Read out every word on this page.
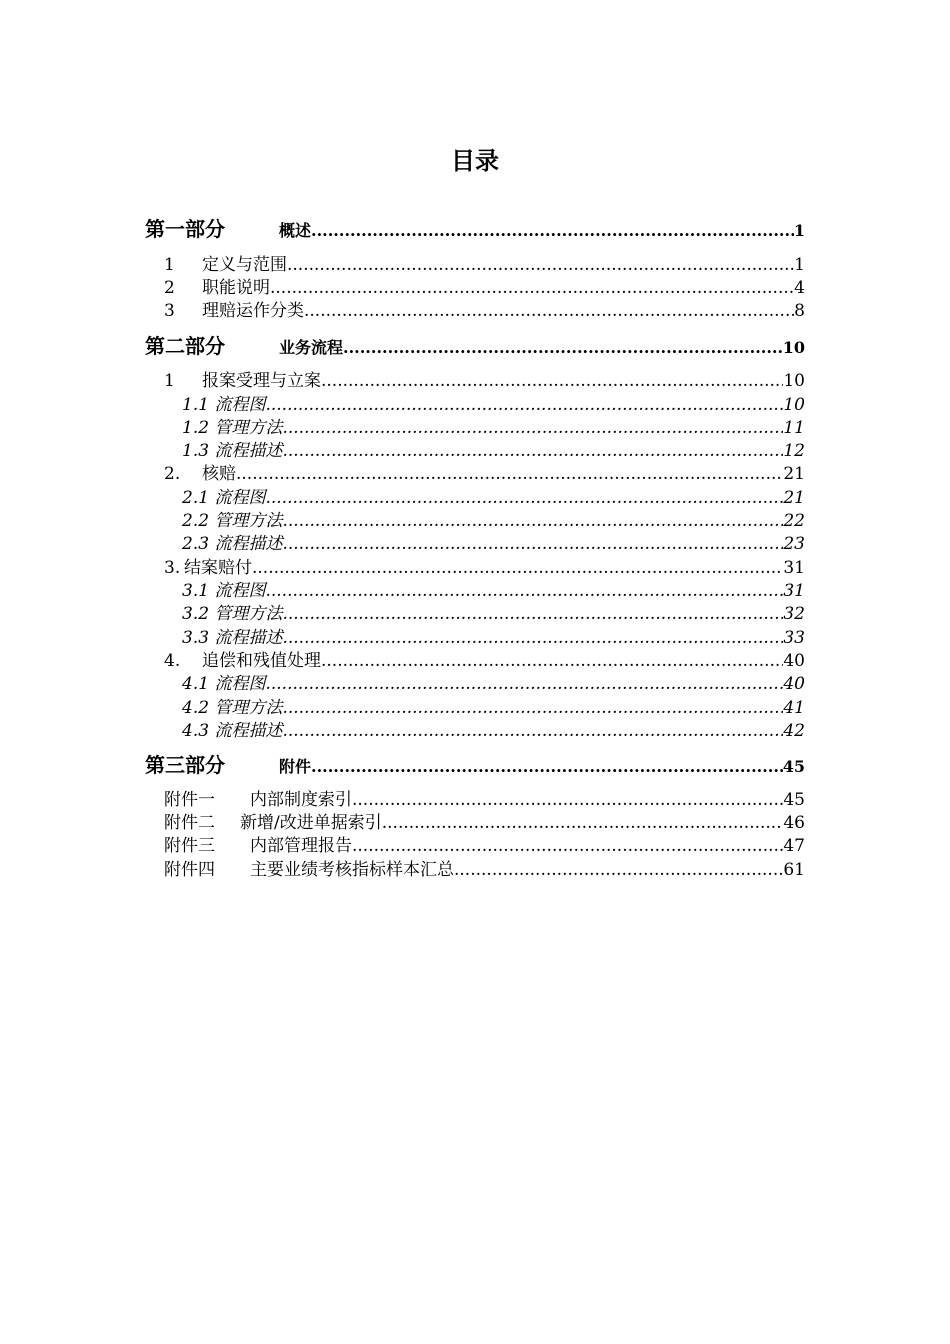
目录
第一部分	概述 .....	1
1	定义与范围 .....	1
2	职能说明 .....	4
3	理赔运作分类 .....	8
第二部分	业务流程 .....	10
1	报案受理与立案 .....	10
1.1 流程图 .....	10
1.2 管理方法 .....	11
1.3 流程描述 .....	12
2.	核赔 .....	21
2.1 流程图 .....	21
2.2 管理方法 .....	22
2.3 流程描述 .....	23
3. 结案赔付 .....	31
3.1 流程图 .....	31
3.2 管理方法 .....	32
3.3 流程描述 .....	33
4.	追偿和残值处理 .....	40
4.1 流程图 .....	40
4.2 管理方法 .....	41
4.3 流程描述 .....	42
第三部分	附件 .....	45
附件一	内部制度索引 .....	45
附件二	新增/改进单据索引 .....	46
附件三	内部管理报告 .....	47
附件四	主要业绩考核指标样本汇总 .....	61
